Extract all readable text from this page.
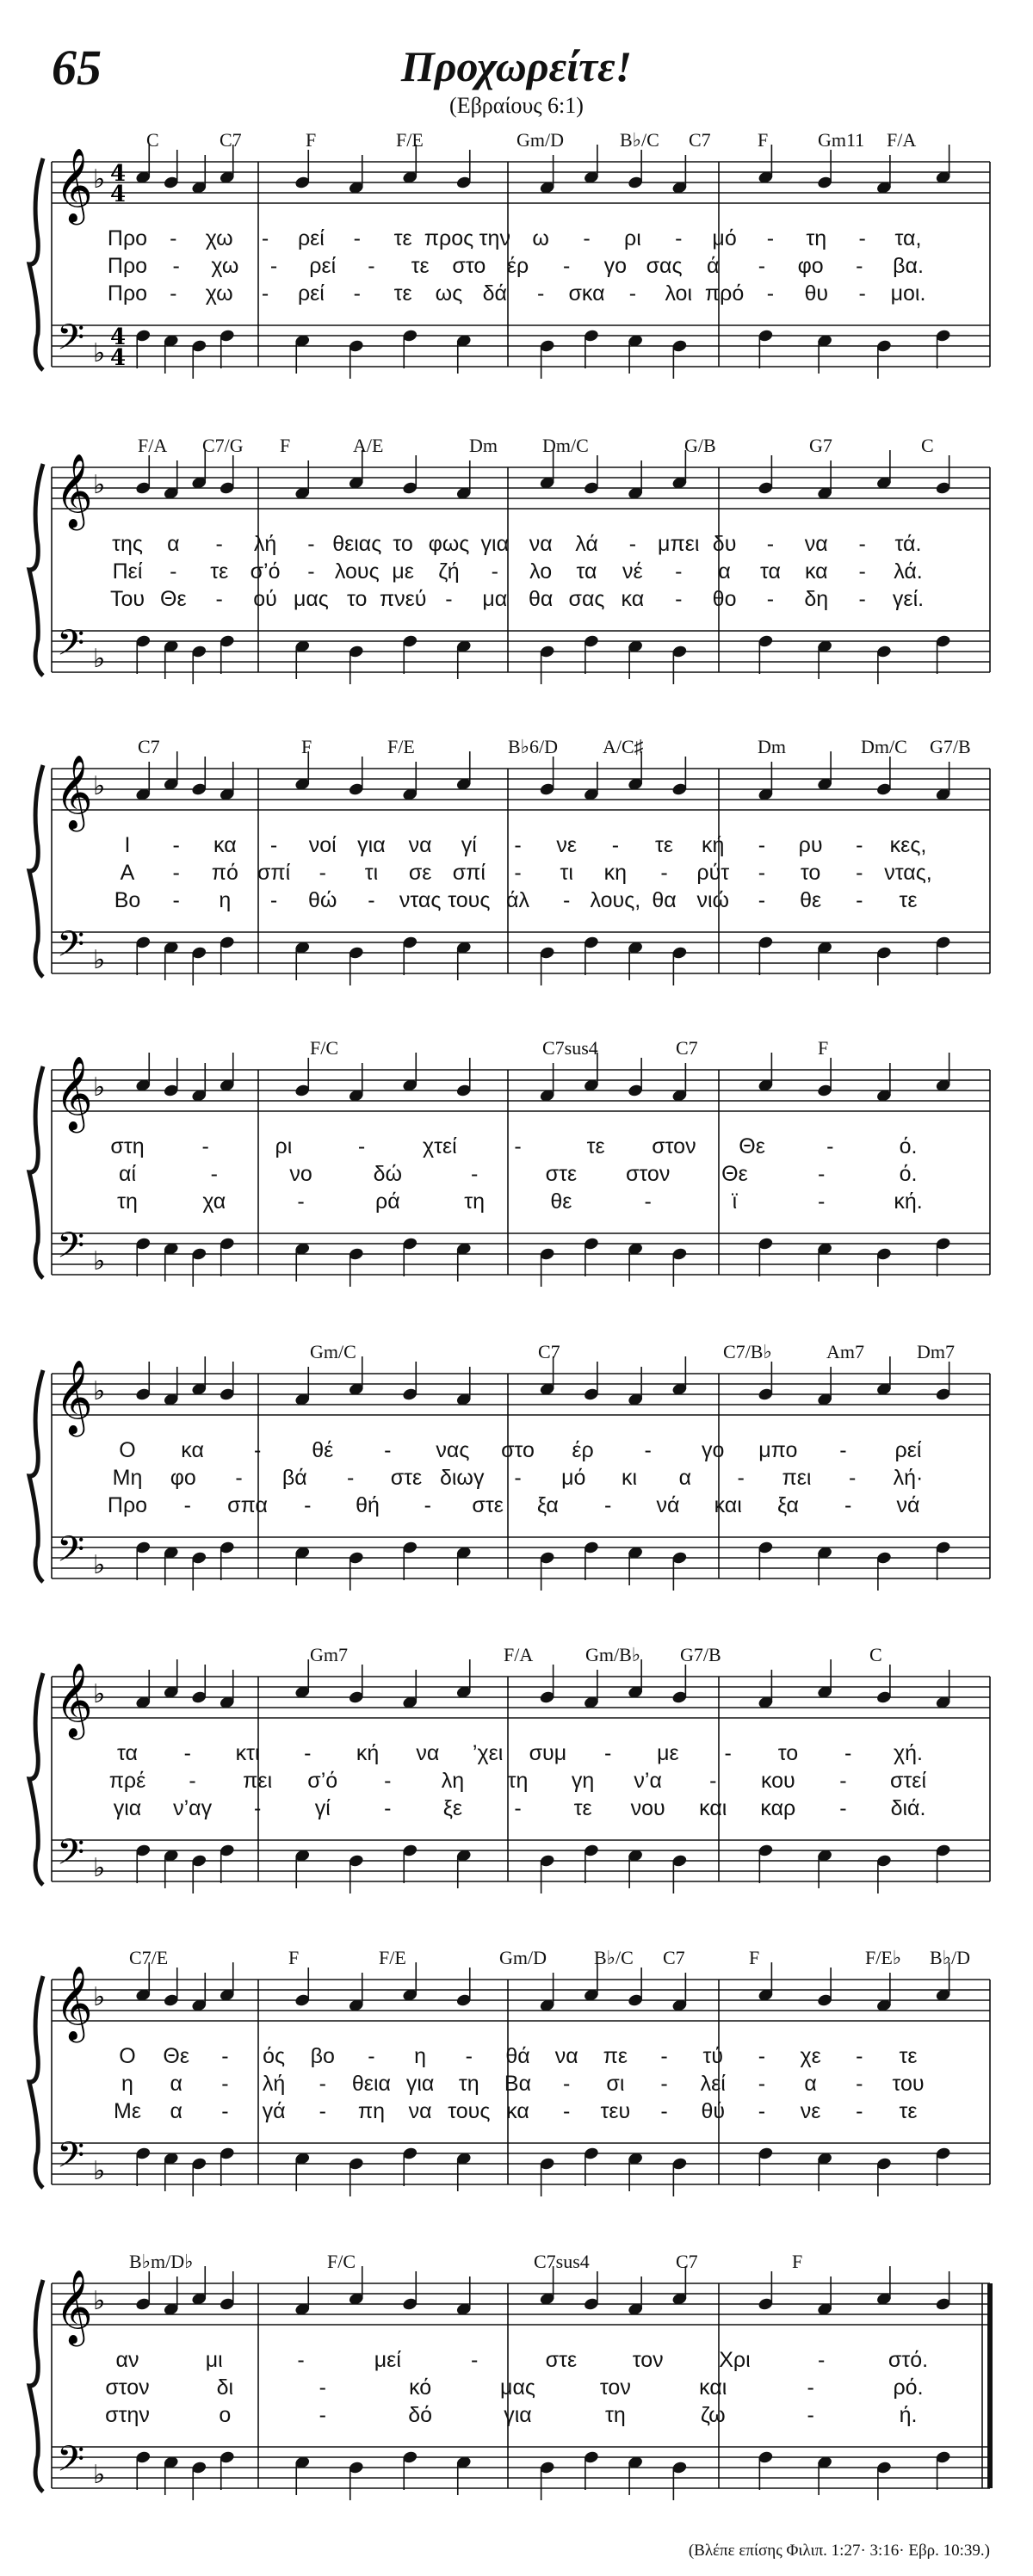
65	Προχωρείτε!
(Εβραίους 6:1)
C	C7	F	F/E	Gm/D	B♭/C C7 F	Gm11 F/A
𝄞
𝄢
♭
♭
4
4
4
4
Προ - χω - ρεί - τε προς την ω - ρι - μό - τη - τα,
Προ - χω - ρεί - τε στο έρ - γο σας ά - φο - βα.
Προ - χω - ρεί - τε ως δά - σκα - λοι πρό - θυ - μοι.
F/A C7/G F	A/E	Dm Dm/C	G/B	G7	C
𝄞
𝄢
♭
♭
της α - λή - θειας το φως για να λά - μπει δυ - να - τά.
Πεί - τε σ’ό - λους με ζή - λο τα νέ - α τα κα - λά.
Του Θε - ού μας το πνεύ - μα θα σας κα - θο - δη - γεί.
C7	F	F/E	B♭6/D A/C♯	Dm	Dm/C G7/B
𝄞
𝄢
♭
♭
Ι - κα - νοί για να γί - νε - τε κή - ρυ - κες,
Α - πό σπί - τι σε σπί - τι κη - ρύτ - το - ντας,
Βο - η - θώ - ντας τους άλ - λους, θα νιώ - θε - τε
F/C	C7sus4	C7	F
𝄞
𝄢
♭
♭
στη	-	ρι	-	χτεί	-	τε στον Θε	-	ό.
αί	-	νο	δώ	-	στε στον Θε	-	ό.
τη	χα	-	ρά	τη	θε	-	ϊ	-	κή.
Gm/C	C7	C7/B♭	Am7	Dm7
𝄞
𝄢
♭
♭
Ο κα - θέ - νας στο έρ - γο μπο - ρεί
Μη φο - βά - στε διωγ - μό κι α - πει - λή·
Προ - σπα - θή - στε ξα - νά και ξα - νά
Gm7	F/A	Gm/B♭ G7/B	C
𝄞
𝄢
♭
♭
τα - κτι - κή να ’χει συμ - με - το - χή.
πρέ - πει σ’ό - λη τη γη ν’α - κου - στεί
για ν’αγ - γί - ξε - τε νου και καρ - διά.
C7/E	F	F/E	Gm/D	B♭/C C7	F	F/E♭ B♭/D
𝄞
𝄢
♭
♭
Ο Θε - ός βο - η - θά να πε - τύ - χε - τε
η α - λή - θεια για τη Βα - σι - λεί - α - του
Με α - γά - πη να τους κα - τευ - θύ - νε - τε
B♭m/D♭	F/C	C7sus4	C7	F
𝄞
𝄢
♭
♭
αν	μι	-	μεί	-	στε	τον	Χρι	-	στό.
στον	δι	-	κό	μας	τον	και	-	ρό.
στην	ο	-	δό	για	τη	ζω	-	ή.
(Βλέπε επίσης Φιλιπ. 1:27· 3:16· Εβρ. 10:39.)
